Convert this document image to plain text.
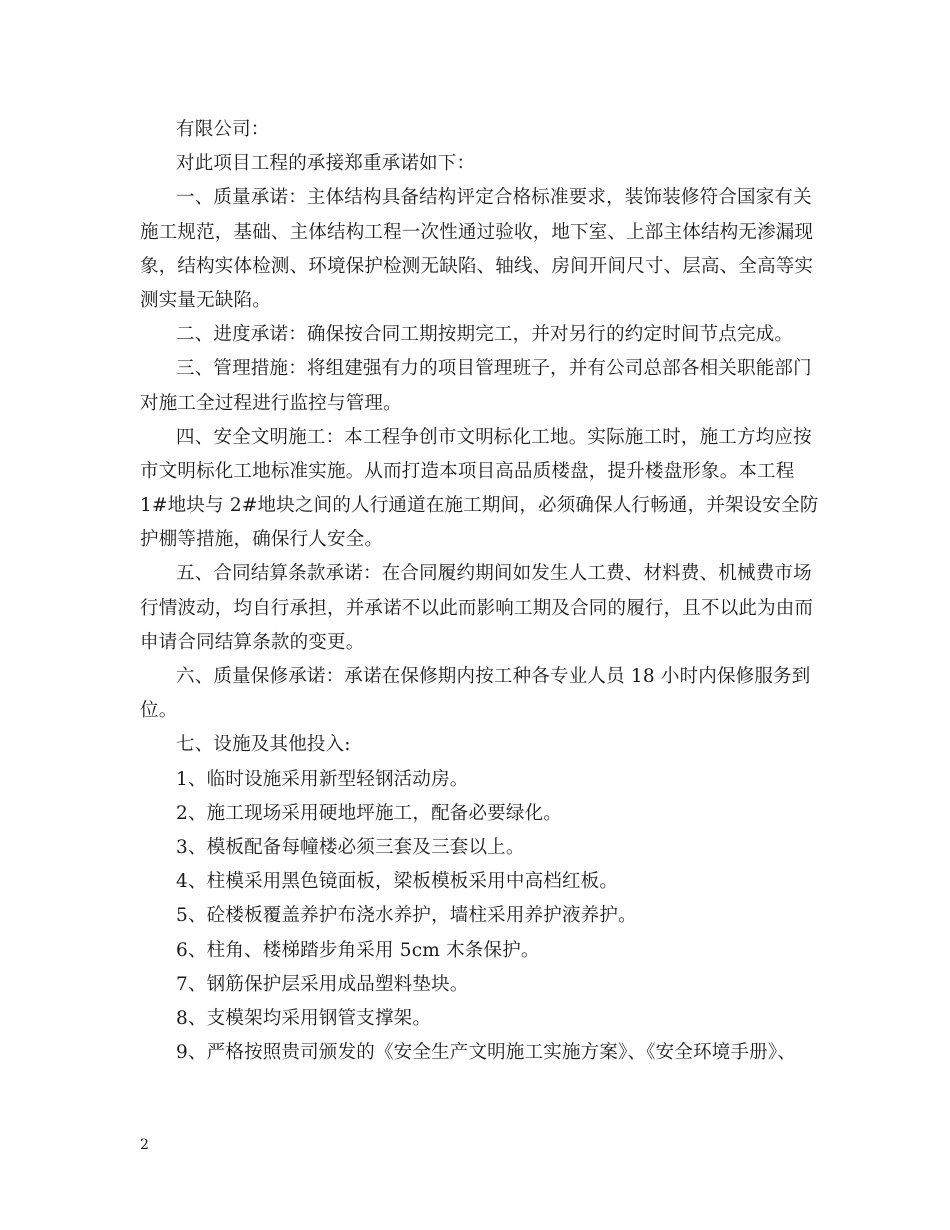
有限公司：
对此项目工程的承接郑重承诺如下：
一、质量承诺：主体结构具备结构评定合格标准要求，装饰装修符合国家有关
施工规范，基础、主体结构工程一次性通过验收，地下室、上部主体结构无渗漏现
象，结构实体检测、环境保护检测无缺陷、轴线、房间开间尺寸、层高、全高等实
测实量无缺陷。
二、进度承诺：确保按合同工期按期完工，并对另行的约定时间节点完成。
三、管理措施：将组建强有力的项目管理班子，并有公司总部各相关职能部门
对施工全过程进行监控与管理。
四、安全文明施工：本工程争创市文明标化工地。实际施工时，施工方均应按
市文明标化工地标准实施。从而打造本项目高品质楼盘，提升楼盘形象。本工程
1#地块与 2#地块之间的人行通道在施工期间，必须确保人行畅通，并架设安全防
护棚等措施，确保行人安全。
五、合同结算条款承诺：在合同履约期间如发生人工费、材料费、机械费市场
行情波动，均自行承担，并承诺不以此而影响工期及合同的履行，且不以此为由而
申请合同结算条款的变更。
六、质量保修承诺：承诺在保修期内按工种各专业人员 18 小时内保修服务到
位。
七、设施及其他投入:
1、临时设施采用新型轻钢活动房。
2、施工现场采用硬地坪施工，配备必要绿化。
3、模板配备每幢楼必须三套及三套以上。
4、柱模采用黑色镜面板，梁板模板采用中高档红板。
5、砼楼板覆盖养护布浇水养护，墙柱采用养护液养护。
6、柱角、楼梯踏步角采用 5cm 木条保护。
7、钢筋保护层采用成品塑料垫块。
8、支模架均采用钢管支撑架。
9、严格按照贵司颁发的《安全生产文明施工实施方案》、《安全环境手册》、
2
